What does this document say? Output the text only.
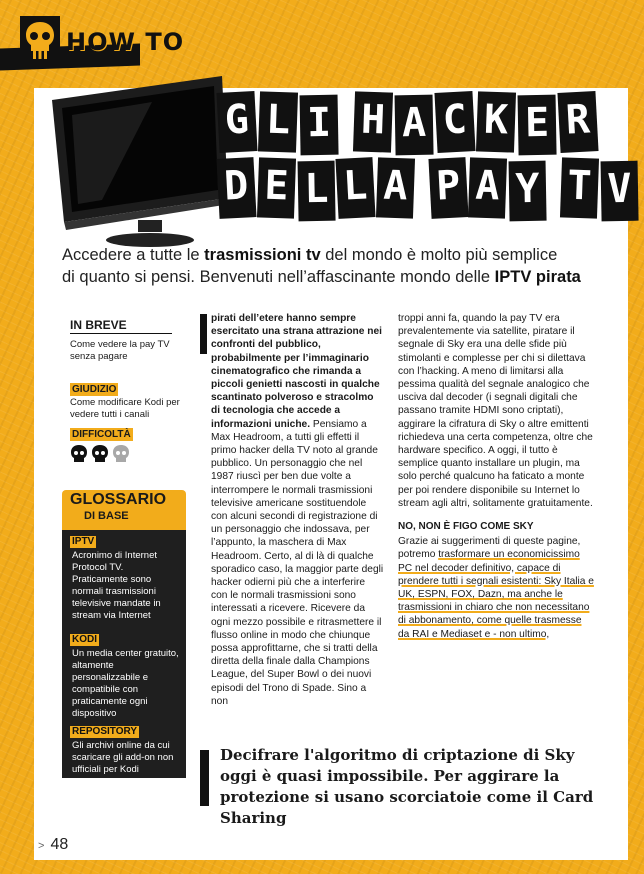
HOW TO
G L I H A C K E R
D E L L A P A Y T V
Accedere a tutte le trasmissioni tv del mondo è molto più semplice
di quanto si pensi. Benvenuti nell’affascinante mondo delle IPTV pirata
IN BREVE
Come vedere la pay TV senza pagare
GIUDIZIO
Come modificare Kodi per vedere tutti i canali
DIFFICOLTÀ
GLOSSARIO
DI BASE
IPTV
Acronimo di Internet Protocol TV. Praticamente sono normali trasmissioni televisive mandate in stream via Internet
KODI
Un media center gratuito, altamente personalizzabile e compatibile con praticamente ogni dispositivo
REPOSITORY
Gli archivi online da cui scaricare gli add-on non ufficiali per Kodi

pirati dell’etere hanno sempre esercitato una strana attrazione nei confronti del pubblico, probabilmente per l’immaginario cinematografico che rimanda a piccoli genietti nascosti in qualche scantinato polveroso e stracolmo di tecnologia che accede a informazioni uniche. Pensiamo a Max Headroom, a tutti gli effetti il primo hacker della TV noto al grande pubblico. Un personaggio che nel 1987 riuscì per ben due volte a interrompere le normali trasmissioni televisive americane sostituendole con alcuni secondi di registrazione di un personaggio che indossava, per l’appunto, la maschera di Max Headroom. Certo, al di là di qualche sporadico caso, la maggior parte degli hacker odierni più che a interferire con le normali trasmissioni sono interessati a ricevere. Ricevere da ogni mezzo possibile e ritrasmettere il flusso online in modo che chiunque possa approfittarne, che si tratti della diretta della finale dalla Champions League, del Super Bowl o dei nuovi episodi del Trono di Spade. Sino a non

troppi anni fa, quando la pay TV era prevalentemente via satellite, piratare il segnale di Sky era una delle sfide più stimolanti e complesse per chi si dilettava con l’hacking. A meno di limitarsi alla pessima qualità del segnale analogico che usciva dal decoder (i segnali digitali che passano tramite HDMI sono criptati), aggirare la cifratura di Sky o altre emittenti richiedeva una certa competenza, oltre che hardware specifico. A oggi, il tutto è semplice quanto installare un plugin, ma solo perché qualcuno ha faticato a monte per poi rendere disponibile su Internet lo stream agli altri, solitamente gratuitamente.

NO, NON È FIGO COME SKY

Grazie ai suggerimenti di queste pagine, potremo trasformare un economicissimo PC nel decoder definitivo, capace di prendere tutti i segnali esistenti: Sky Italia e UK, ESPN, FOX, Dazn, ma anche le trasmissioni in chiaro che non necessitano di abbonamento, come quelle trasmesse da RAI e Mediaset e - non ultimo,

Decifrare l'algoritmo di criptazione di Sky oggi è quasi impossibile. Per aggirare la protezione si usano scorciatoie come il Card Sharing
> 48
